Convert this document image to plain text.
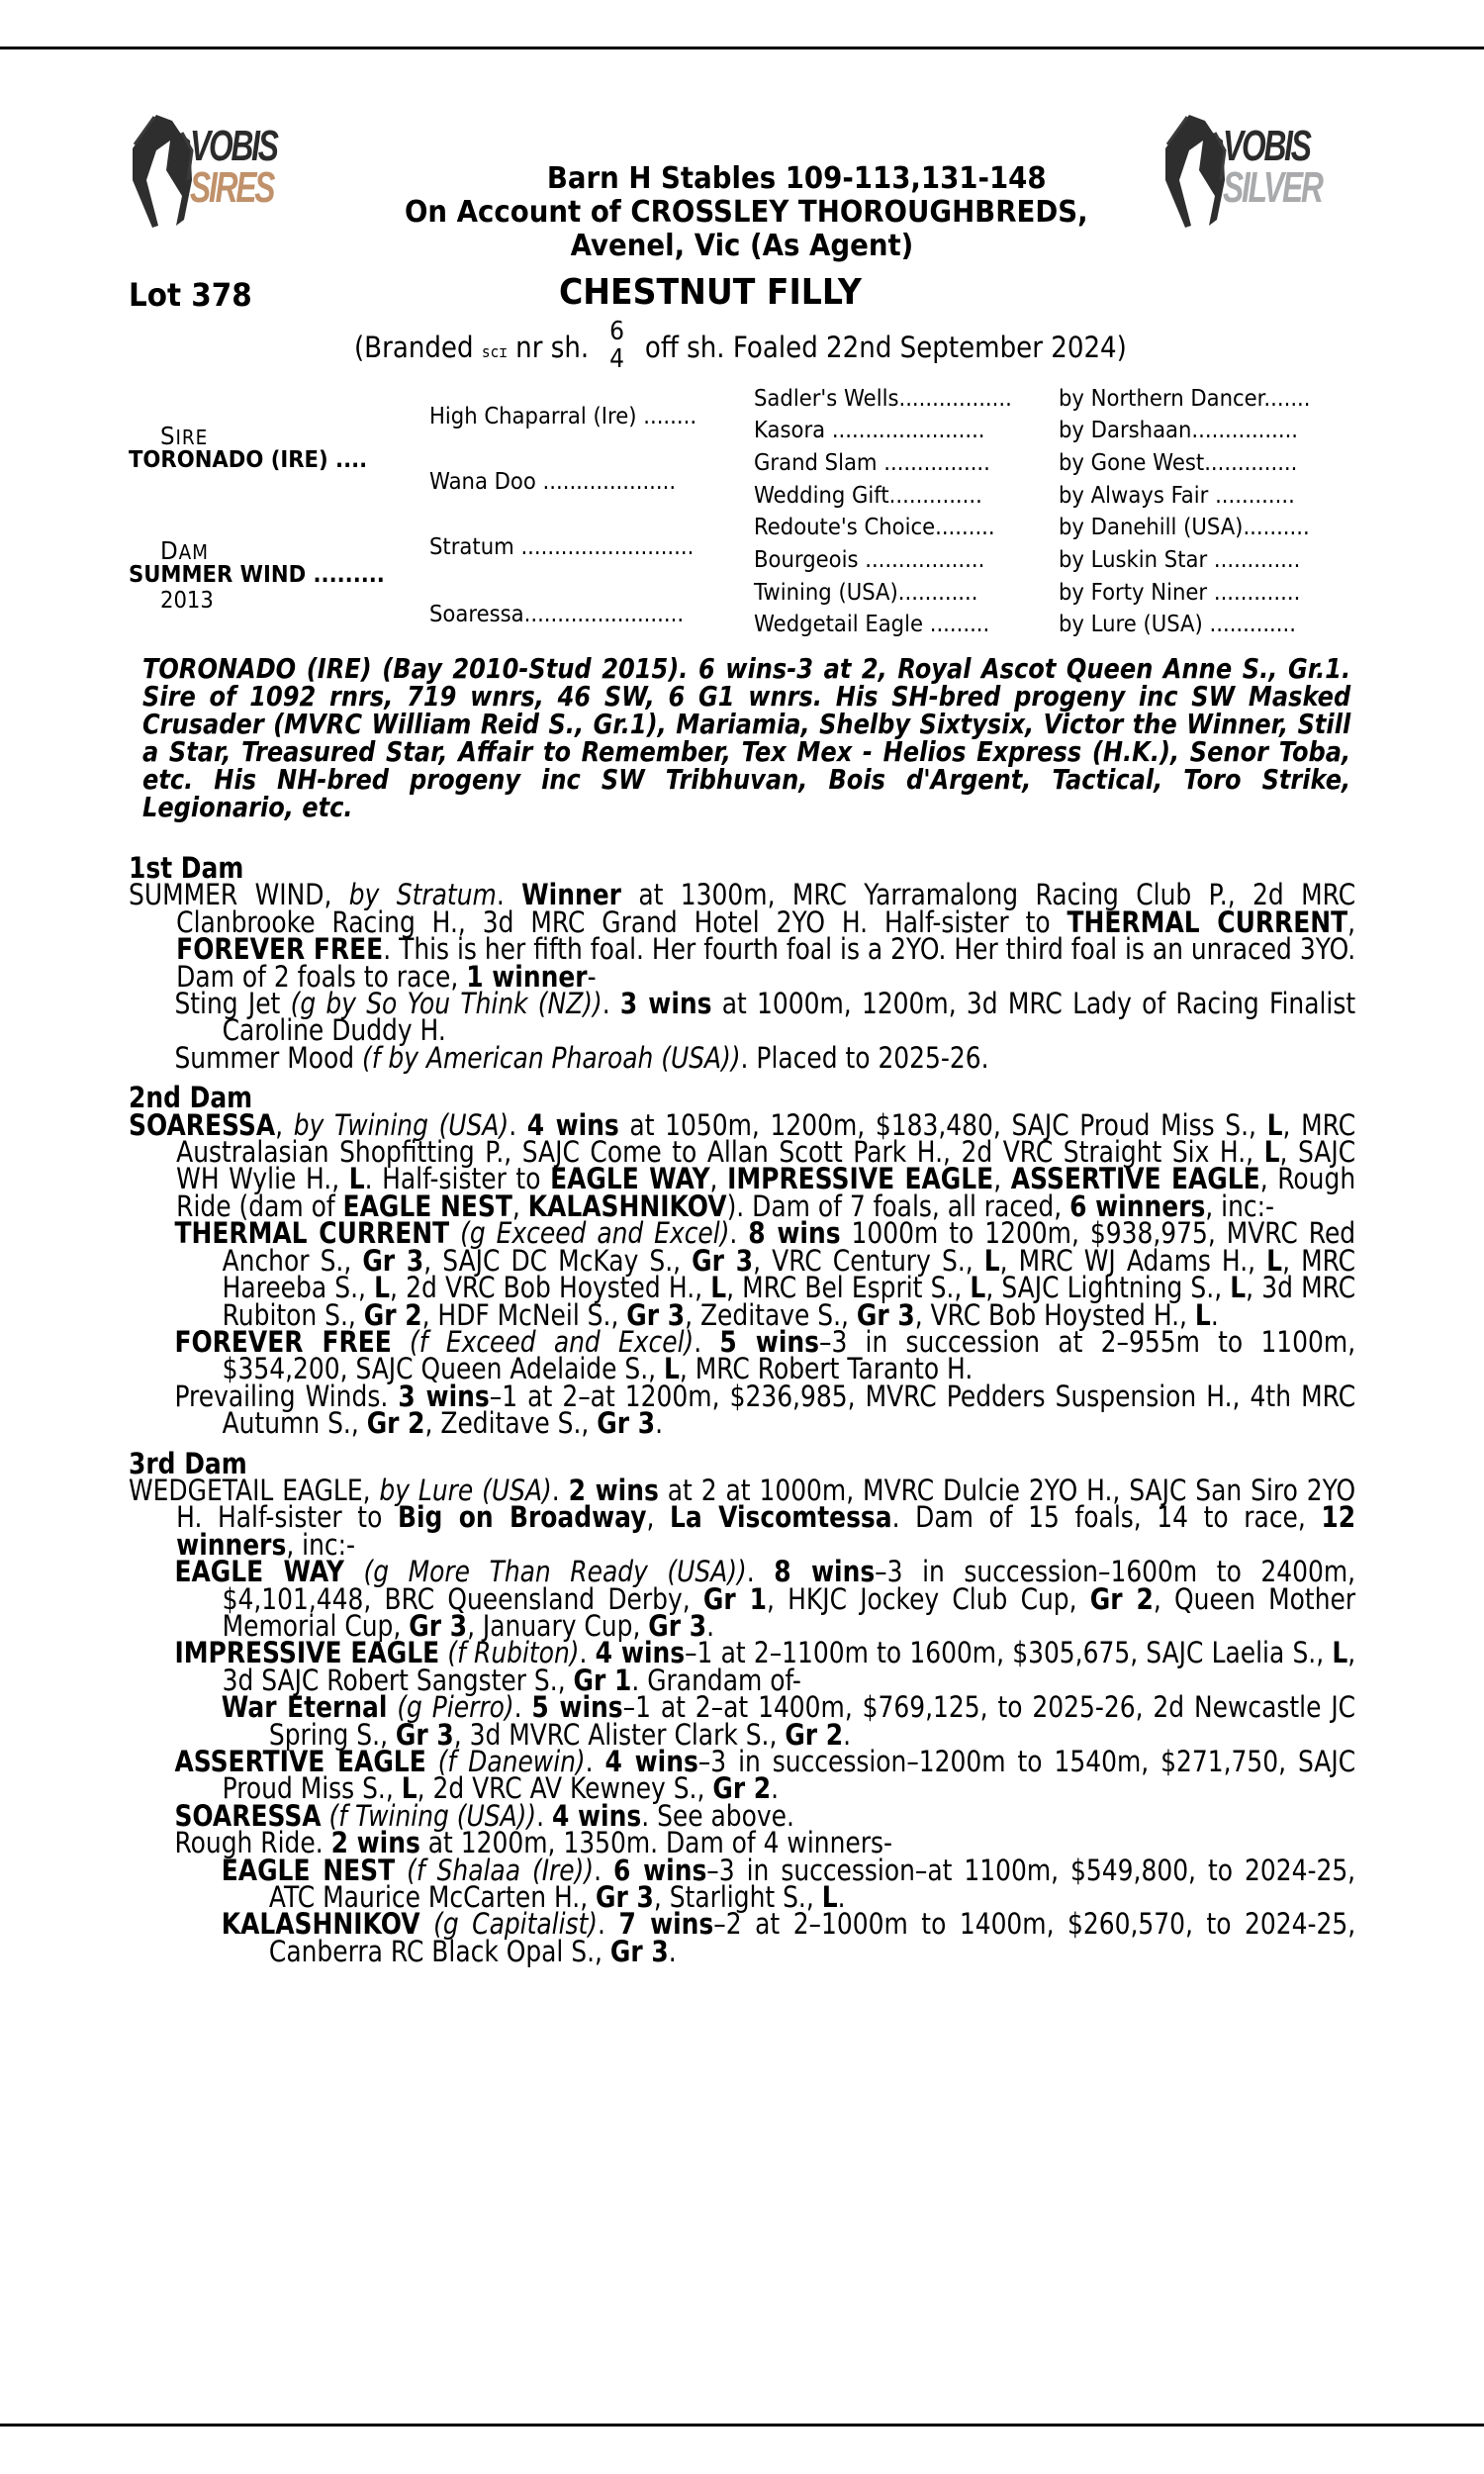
VOBIS
SIRES
VOBIS
SILVER
Barn H Stables 109-113,131-148
On Account of CROSSLEY THOROUGHBREDS,
Avenel, Vic (As Agent)
Lot 378	CHESTNUT FILLY
(Branded scɪ nr sh. 6
4 off sh. Foaled 22nd September 2024)
SIRE
TORONADO (IRE) ....
DAM
SUMMER WIND .........
2013
High Chaparral (Ire) ........
Wana Doo ....................
Stratum ..........................
Soaressa........................
Sadler's Wells................. by Northern Dancer.......
Kasora .......................	by Darshaan................
Grand Slam ................	by Gone West..............
Wedding Gift..............	by Always Fair ............
Redoute's Choice.........	by Danehill (USA)..........
Bourgeois ..................	by Luskin Star .............
Twining (USA)............	by Forty Niner .............
Wedgetail Eagle .........	by Lure (USA) .............
TORONADO (IRE) (Bay 2010-Stud 2015). 6 wins-3 at 2, Royal Ascot Queen Anne S., Gr.1. Sire of 1092 rnrs, 719 wnrs, 46 SW, 6 G1 wnrs. His SH-bred progeny inc SW Masked Crusader (MVRC William Reid S., Gr.1), Mariamia, Shelby Sixtysix, Victor the Winner, Still a Star, Treasured Star, Affair to Remember, Tex Mex - Helios Express (H.K.), Senor Toba, etc. His NH-bred progeny inc SW Tribhuvan, Bois d'Argent, Tactical, Toro Strike, Legionario, etc.
1st Dam
SUMMER WIND, by Stratum. Winner at 1300m, MRC Yarramalong Racing Club P., 2d MRC Clanbrooke Racing H., 3d MRC Grand Hotel 2YO H. Half-sister to THERMAL CURRENT, FOREVER FREE. This is her fifth foal. Her fourth foal is a 2YO. Her third foal is an unraced 3YO. Dam of 2 foals to race, 1 winner-
Sting Jet (g by So You Think (NZ)). 3 wins at 1000m, 1200m, 3d MRC Lady of Racing Finalist Caroline Duddy H.
Summer Mood (f by American Pharoah (USA)). Placed to 2025-26.
2nd Dam
SOARESSA, by Twining (USA). 4 wins at 1050m, 1200m, $183,480, SAJC Proud Miss S., L, MRC Australasian Shopfitting P., SAJC Come to Allan Scott Park H., 2d VRC Straight Six H., L, SAJC WH Wylie H., L. Half-sister to EAGLE WAY, IMPRESSIVE EAGLE, ASSERTIVE EAGLE, Rough Ride (dam of EAGLE NEST, KALASHNIKOV). Dam of 7 foals, all raced, 6 winners, inc:-
THERMAL CURRENT (g Exceed and Excel). 8 wins 1000m to 1200m, $938,975, MVRC Red Anchor S., Gr 3, SAJC DC McKay S., Gr 3, VRC Century S., L, MRC WJ Adams H., L, MRC Hareeba S., L, 2d VRC Bob Hoysted H., L, MRC Bel Esprit S., L, SAJC Lightning S., L, 3d MRC Rubiton S., Gr 2, HDF McNeil S., Gr 3, Zeditave S., Gr 3, VRC Bob Hoysted H., L.
FOREVER FREE (f Exceed and Excel). 5 wins–3 in succession at 2–955m to 1100m, $354,200, SAJC Queen Adelaide S., L, MRC Robert Taranto H.
Prevailing Winds. 3 wins–1 at 2–at 1200m, $236,985, MVRC Pedders Suspension H., 4th MRC Autumn S., Gr 2, Zeditave S., Gr 3.
3rd Dam
WEDGETAIL EAGLE, by Lure (USA). 2 wins at 2 at 1000m, MVRC Dulcie 2YO H., SAJC San Siro 2YO H. Half-sister to Big on Broadway, La Viscomtessa. Dam of 15 foals, 14 to race, 12 winners, inc:-
EAGLE WAY (g More Than Ready (USA)). 8 wins–3 in succession–1600m to 2400m, $4,101,448, BRC Queensland Derby, Gr 1, HKJC Jockey Club Cup, Gr 2, Queen Mother Memorial Cup, Gr 3, January Cup, Gr 3.
IMPRESSIVE EAGLE (f Rubiton). 4 wins–1 at 2–1100m to 1600m, $305,675, SAJC Laelia S., L, 3d SAJC Robert Sangster S., Gr 1. Grandam of-
War Eternal (g Pierro). 5 wins–1 at 2–at 1400m, $769,125, to 2025-26, 2d Newcastle JC Spring S., Gr 3, 3d MVRC Alister Clark S., Gr 2.
ASSERTIVE EAGLE (f Danewin). 4 wins–3 in succession–1200m to 1540m, $271,750, SAJC Proud Miss S., L, 2d VRC AV Kewney S., Gr 2.
SOARESSA (f Twining (USA)). 4 wins. See above.
Rough Ride. 2 wins at 1200m, 1350m. Dam of 4 winners-
EAGLE NEST (f Shalaa (Ire)). 6 wins–3 in succession–at 1100m, $549,800, to 2024-25, ATC Maurice McCarten H., Gr 3, Starlight S., L.
KALASHNIKOV (g Capitalist). 7 wins–2 at 2–1000m to 1400m, $260,570, to 2024-25, Canberra RC Black Opal S., Gr 3.
